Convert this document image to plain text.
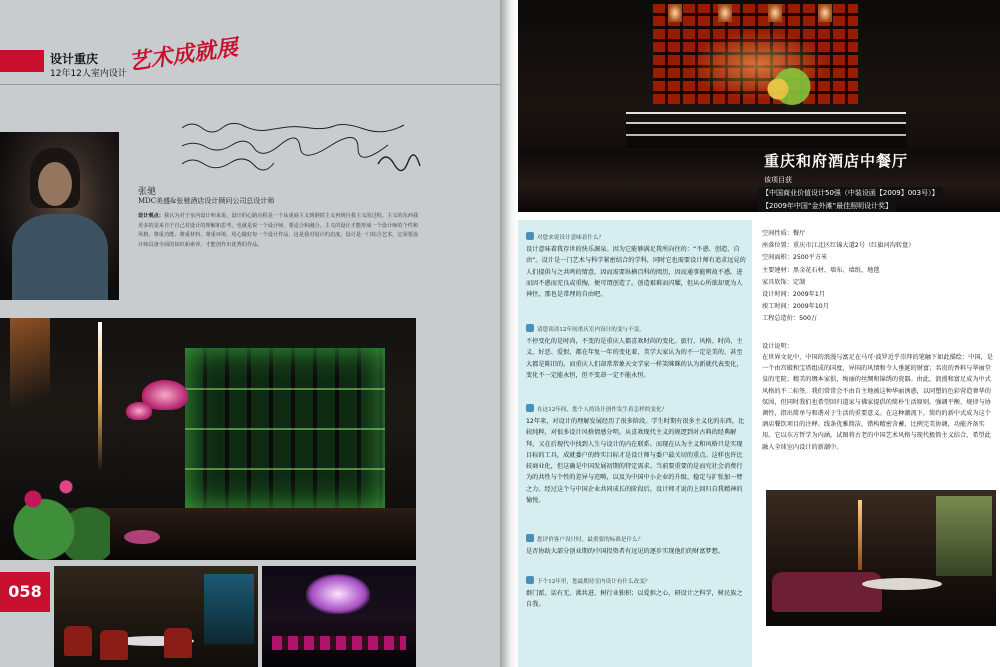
设计重庆 艺术成就展
12年12人室内设计
张驰
MDC美盛&张驰酒店设计顾问公司总设计师
设计观点：我认为对于室内设计师来说，设计的心路历程是一个从重商主义到钢铁主义再到自我主义的过程。主义的东西我更多的是来自于自己对设计的理解和思考，也就是说一个设计师，要适合和融合，主义的设计才能形成一个设计师的个性和风格。尊重功能、尊重材料、尊重环境，用心做好每一个设计作品，这是我对设计的态度。设计是一门综合艺术，它需要设计师具备全面的知识和素养，才能创作出优秀的作品。
058
重庆和府酒店中餐厅
该项目获
【中国商业价值设计50强（中装设函【2009】003号）】
【2009年中国“金外滩”最佳照明设计奖】
对您来说设计意味着什么？
设计意味着我存世的快乐源泉。因为它能够满足我所向往的：“不惑、创造、自由”。设计是一门艺术与科学紧密结合的学科，同时它也需要设计师有追求远見的人们提供与之共鸣的情意，因而需要纵横百科的阅历，因而通事能辨故不惑。进而因不惑而充良或重掏，便可谓创造了。创造艰难而闪耀，但从心所欲却更为人神往，那也是常理的自由吧。
请您谈谈12年间重庆室内设计的变与不变。
不停变化的是时尚，不变的是重庆人都喜欢时尚的变化。旅行、风格、时尚、主义、好恶、爱恨，都在年复一年的变化着，美学大家认为的不一定是美的，甚至大都是陈旧的。而重庆人们却常常象天文学家一样笑眯眯的认为新就代表变化，变化不一定能永恒，但不变却一定不能永恒。
在这12年间，您个人的设计创作发生着怎样的变化？
12年来，对设计的理解发展经历了很多阶段。学生时期有很多主义化的东西，比较纯粹，对很多设计风格情感分明。从喜欢现代主义的规逻到对古典的经典解拜，又在后现代中找到人生与设计的内在联系。而现在认为主义和风格只是实现目标的工具，成就委户的终实目标才是设计师与委户最关切的重点。这样也许比较商业化，但这确是中国发展初期的特定需求。当前要重要的是而究社会消费行为的共性与个性的差异与范畴，以及为中国中小企业的升级、稳定与扩张加一臂之力。经过这个与中国企业共同成长的阶段后，设计师才说的上回归自我精神的愉悦。
您评价客户设计时，最重要的标准是什么？
是否协助大部分创业期的中国投资者有远见的逐步实现他们的财富梦想。
下个12年里，您最期待室内设计有什么改变？
群门派、话有无、沸共进、树行业独积；以爱担之心，研设计之科学，树民族之自我。
空间性质：餐厅
座落位置：重庆市江北区红锦大道2号（红旗河沟转盘）
空间面积：2500平方米
主要建材：黑金花石材、墙布、墙纸、地毯
家具软饰：定制
设计时间：2009年1月
竣工时间：2009年10月
工程总造价：500万
设计说明：
在世界文化中，中国的浪漫与富足在马可·波罗近乎崇拜的笔触下如此描绘：中国，是一个由宫殿和宝塔组成的国度，异国的风情和令人垂涎的财富；名贵的香料与华丽堂皇的宅院；精美的绸本家俱，绚丽的丝绸和锦绣的瓷器。由此，浪漫和富足成为中式风格的不二标签。我们常常会不由自主地被这种华丽诱惑，以同塑的色彩营造奢华的氛围，但同时我们也希望回归道家与佛家提倡的简朴生活原则。强调平衡、规律与协调性，指出简单与和谐对于生活的重要意义。在这种潮流下，简约的新中式成为这个酒店餐饮项目的注释。线条优雅简洁，错构精密含蓄，比例完美协调，功能齐备实用。它以东方哲学为内涵，试图将古老的中国艺术风格与现代极简主义结合，希望此融入全球室内设计的新潮中。
